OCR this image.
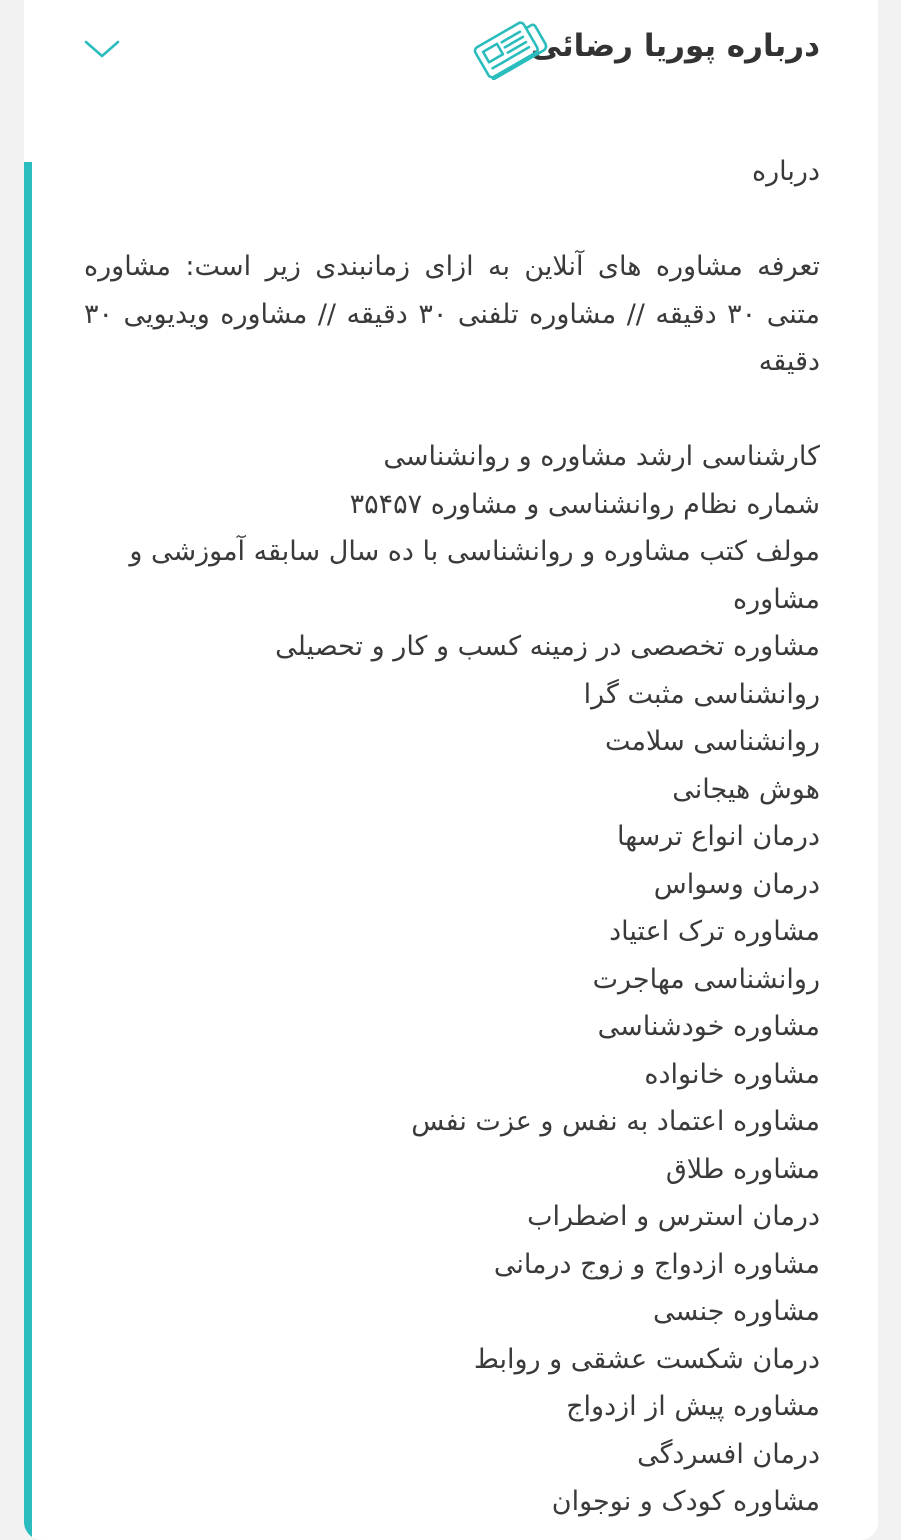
درباره پوریا رضائی

درباره

تعرفه مشاوره های آنلاین به ازای زمانبندی زیر است: مشاوره متنی ۳۰ دقیقه // مشاوره تلفنی ۳۰ دقیقه // مشاوره ویدیویی ۳۰ دقیقه

کارشناسی ارشد مشاوره و روانشناسی

شماره نظام روانشناسی و مشاوره ۳۵۴۵۷

مولف کتب مشاوره و روانشناسی با ده سال سابقه آموزشی و مشاوره

مشاوره تخصصی در زمینه کسب و کار و تحصیلی

روانشناسی مثبت گرا

روانشناسی سلامت

هوش هیجانی

درمان انواع ترسها

درمان وسواس

مشاوره ترک اعتیاد

روانشناسی مهاجرت

مشاوره خودشناسی

مشاوره خانواده

مشاوره اعتماد به نفس و عزت نفس

مشاوره طلاق

درمان استرس و اضطراب

مشاوره ازدواج و زوج درمانی

مشاوره جنسی

درمان شکست عشقی و روابط

مشاوره پیش از ازدواج

درمان افسردگی

مشاوره کودک و نوجوان
